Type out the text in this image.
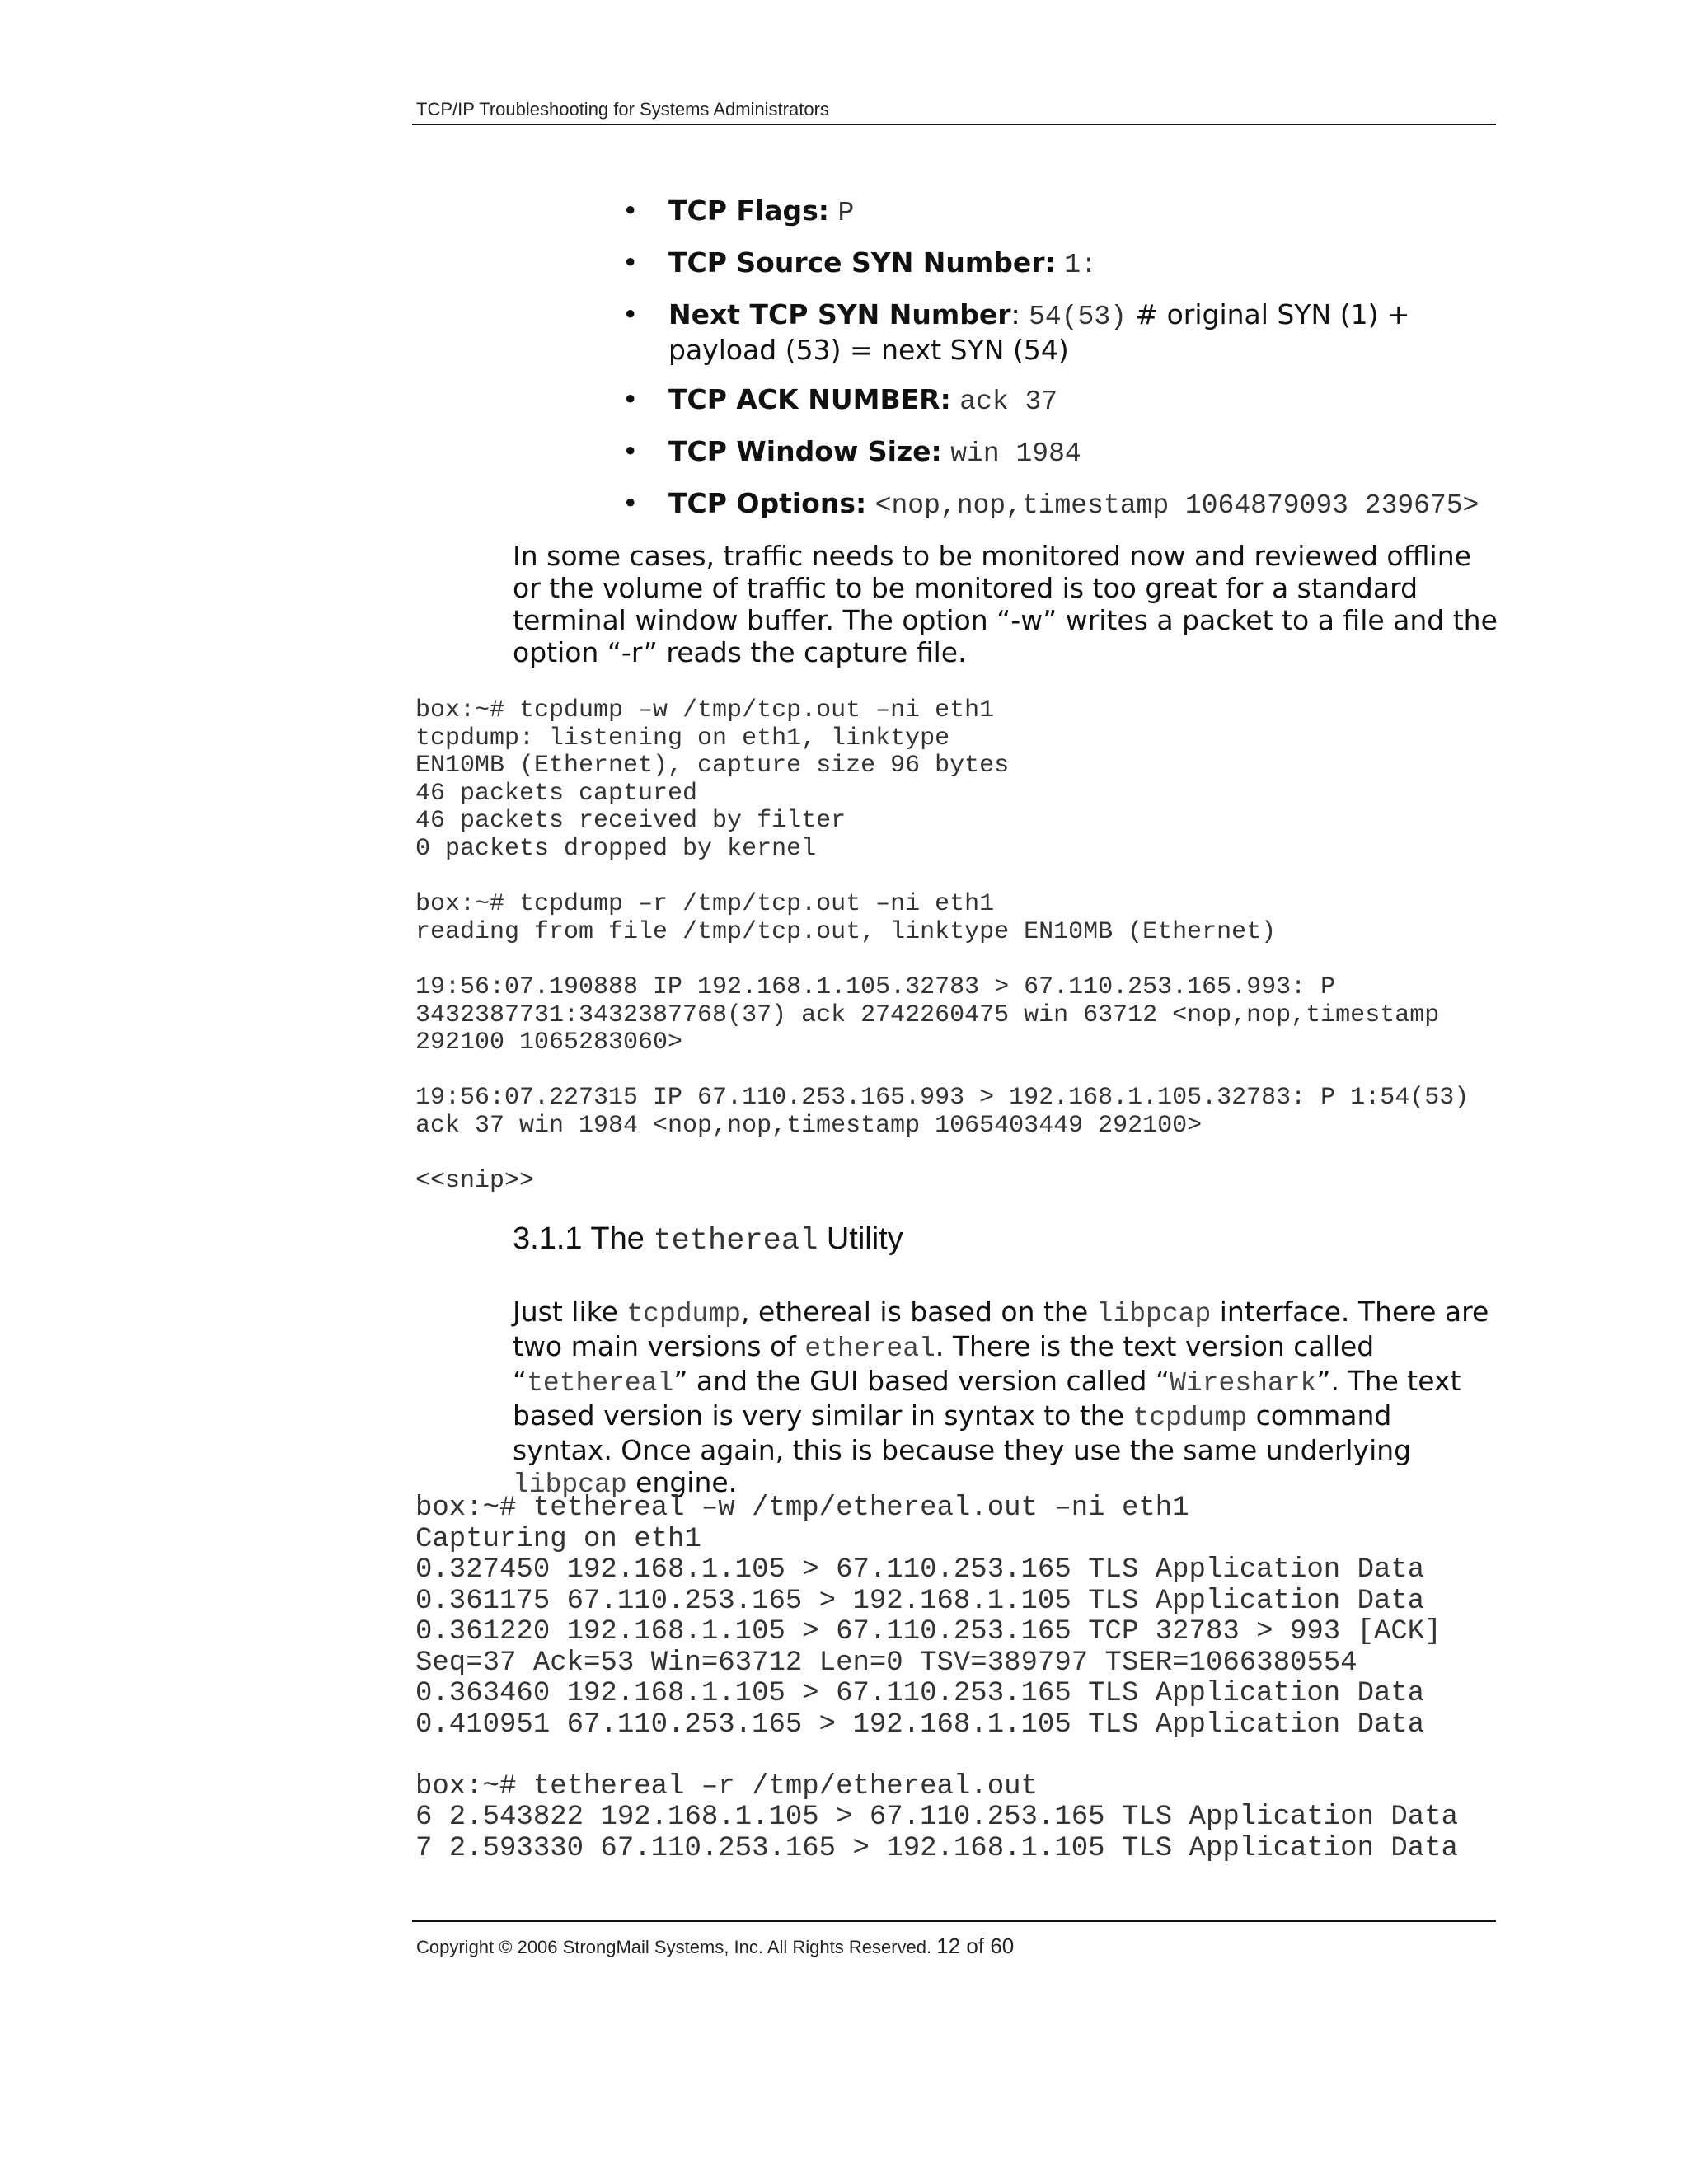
TCP/IP Troubleshooting for Systems Administrators
• TCP Flags: P
• TCP Source SYN Number: 1:
• Next TCP SYN Number: 54(53) # original SYN (1) + payload (53) = next SYN (54)
• TCP ACK NUMBER: ack 37
• TCP Window Size: win 1984
• TCP Options: <nop,nop,timestamp 1064879093 239675>

In some cases, traffic needs to be monitored now and reviewed offline or the volume of traffic to be monitored is too great for a standard terminal window buffer. The option “-w” writes a packet to a file and the option “-r” reads the capture file.

box:~# tcpdump –w /tmp/tcp.out –ni eth1
tcpdump: listening on eth1, linktype
EN10MB (Ethernet), capture size 96 bytes
46 packets captured
46 packets received by filter
0 packets dropped by kernel

box:~# tcpdump –r /tmp/tcp.out –ni eth1
reading from file /tmp/tcp.out, linktype EN10MB (Ethernet)

19:56:07.190888 IP 192.168.1.105.32783 > 67.110.253.165.993: P
3432387731:3432387768(37) ack 2742260475 win 63712 <nop,nop,timestamp
292100 1065283060>

19:56:07.227315 IP 67.110.253.165.993 > 192.168.1.105.32783: P 1:54(53)
ack 37 win 1984 <nop,nop,timestamp 1065403449 292100>

<<snip>>
3.1.1 The tethereal Utility

Just like tcpdump, ethereal is based on the libpcap interface. There are two main versions of ethereal. There is the text version called “tethereal” and the GUI based version called “Wireshark”. The text based version is very similar in syntax to the tcpdump command syntax. Once again, this is because they use the same underlying libpcap engine.

box:~# tethereal –w /tmp/ethereal.out –ni eth1
Capturing on eth1
0.327450 192.168.1.105 > 67.110.253.165 TLS Application Data
0.361175 67.110.253.165 > 192.168.1.105 TLS Application Data
0.361220 192.168.1.105 > 67.110.253.165 TCP 32783 > 993 [ACK]
Seq=37 Ack=53 Win=63712 Len=0 TSV=389797 TSER=1066380554
0.363460 192.168.1.105 > 67.110.253.165 TLS Application Data
0.410951 67.110.253.165 > 192.168.1.105 TLS Application Data

box:~# tethereal –r /tmp/ethereal.out
6 2.543822 192.168.1.105 > 67.110.253.165 TLS Application Data
7 2.593330 67.110.253.165 > 192.168.1.105 TLS Application Data
Copyright © 2006 StrongMail Systems, Inc. All Rights Reserved. 12 of 60
